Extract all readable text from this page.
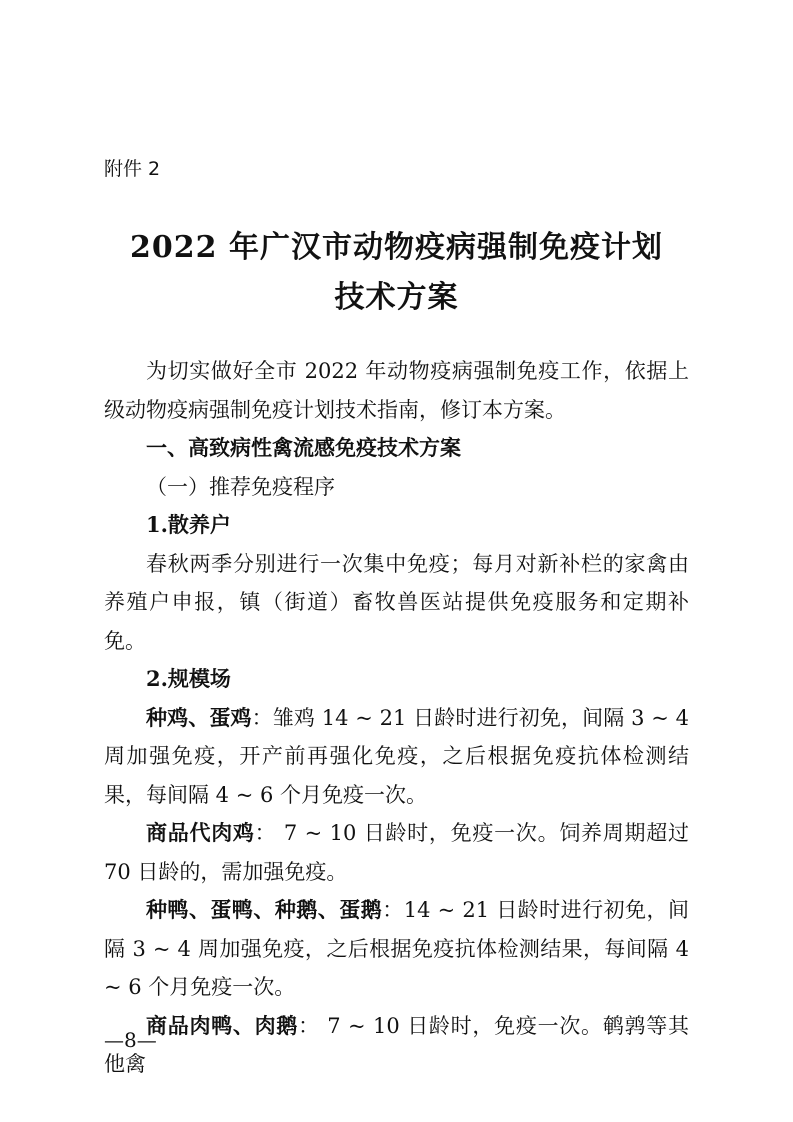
附件 2
2022 年广汉市动物疫病强制免疫计划
技术方案

为切实做好全市 2022 年动物疫病强制免疫工作，依据上级动物疫病强制免疫计划技术指南，修订本方案。

一、高致病性禽流感免疫技术方案

（一）推荐免疫程序

1.散养户

春秋两季分别进行一次集中免疫；每月对新补栏的家禽由养殖户申报，镇（街道）畜牧兽医站提供免疫服务和定期补免。

2.规模场

种鸡、蛋鸡：雏鸡 14 ~ 21 日龄时进行初免，间隔 3 ~ 4 周加强免疫，开产前再强化免疫，之后根据免疫抗体检测结果，每间隔 4 ~ 6 个月免疫一次。

商品代肉鸡： 7 ~ 10 日龄时，免疫一次。饲养周期超过 70 日龄的，需加强免疫。

种鸭、蛋鸭、种鹅、蛋鹅：14 ~ 21 日龄时进行初免，间隔 3 ~ 4 周加强免疫，之后根据免疫抗体检测结果，每间隔 4 ~ 6 个月免疫一次。

商品肉鸭、肉鹅： 7 ~ 10 日龄时，免疫一次。鹌鹑等其他禽

—8—
